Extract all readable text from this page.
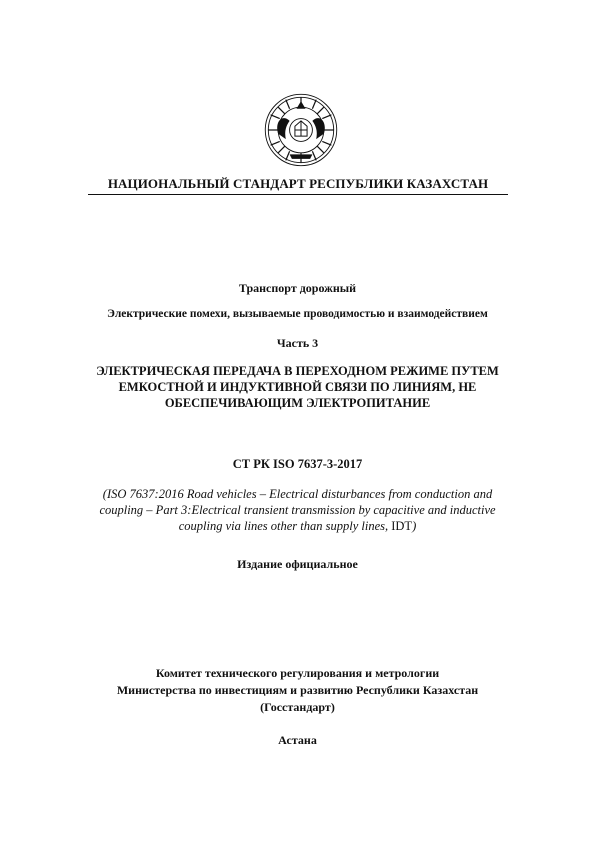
НАЦИОНАЛЬНЫЙ СТАНДАРТ РЕСПУБЛИКИ КАЗАХСТАН
Транспорт дорожный
Электрические помехи, вызываемые проводимостью и взаимодействием
Часть 3
ЭЛЕКТРИЧЕСКАЯ ПЕРЕДАЧА В ПЕРЕХОДНОМ РЕЖИМЕ ПУТЕМ
ЕМКОСТНОЙ И ИНДУКТИВНОЙ СВЯЗИ ПО ЛИНИЯМ, НЕ
ОБЕСПЕЧИВАЮЩИМ ЭЛЕКТРОПИТАНИЕ
СТ РК ISO 7637-3-2017
(ISO 7637:2016 Road vehicles – Electrical disturbances from conduction and coupling – Part 3:Electrical transient transmission by capacitive and inductive coupling via lines other than supply lines, IDT)
Издание официальное
Комитет технического регулирования и метрологии
Министерства по инвестициям и развитию Республики Казахстан
(Госстандарт)
Астана
